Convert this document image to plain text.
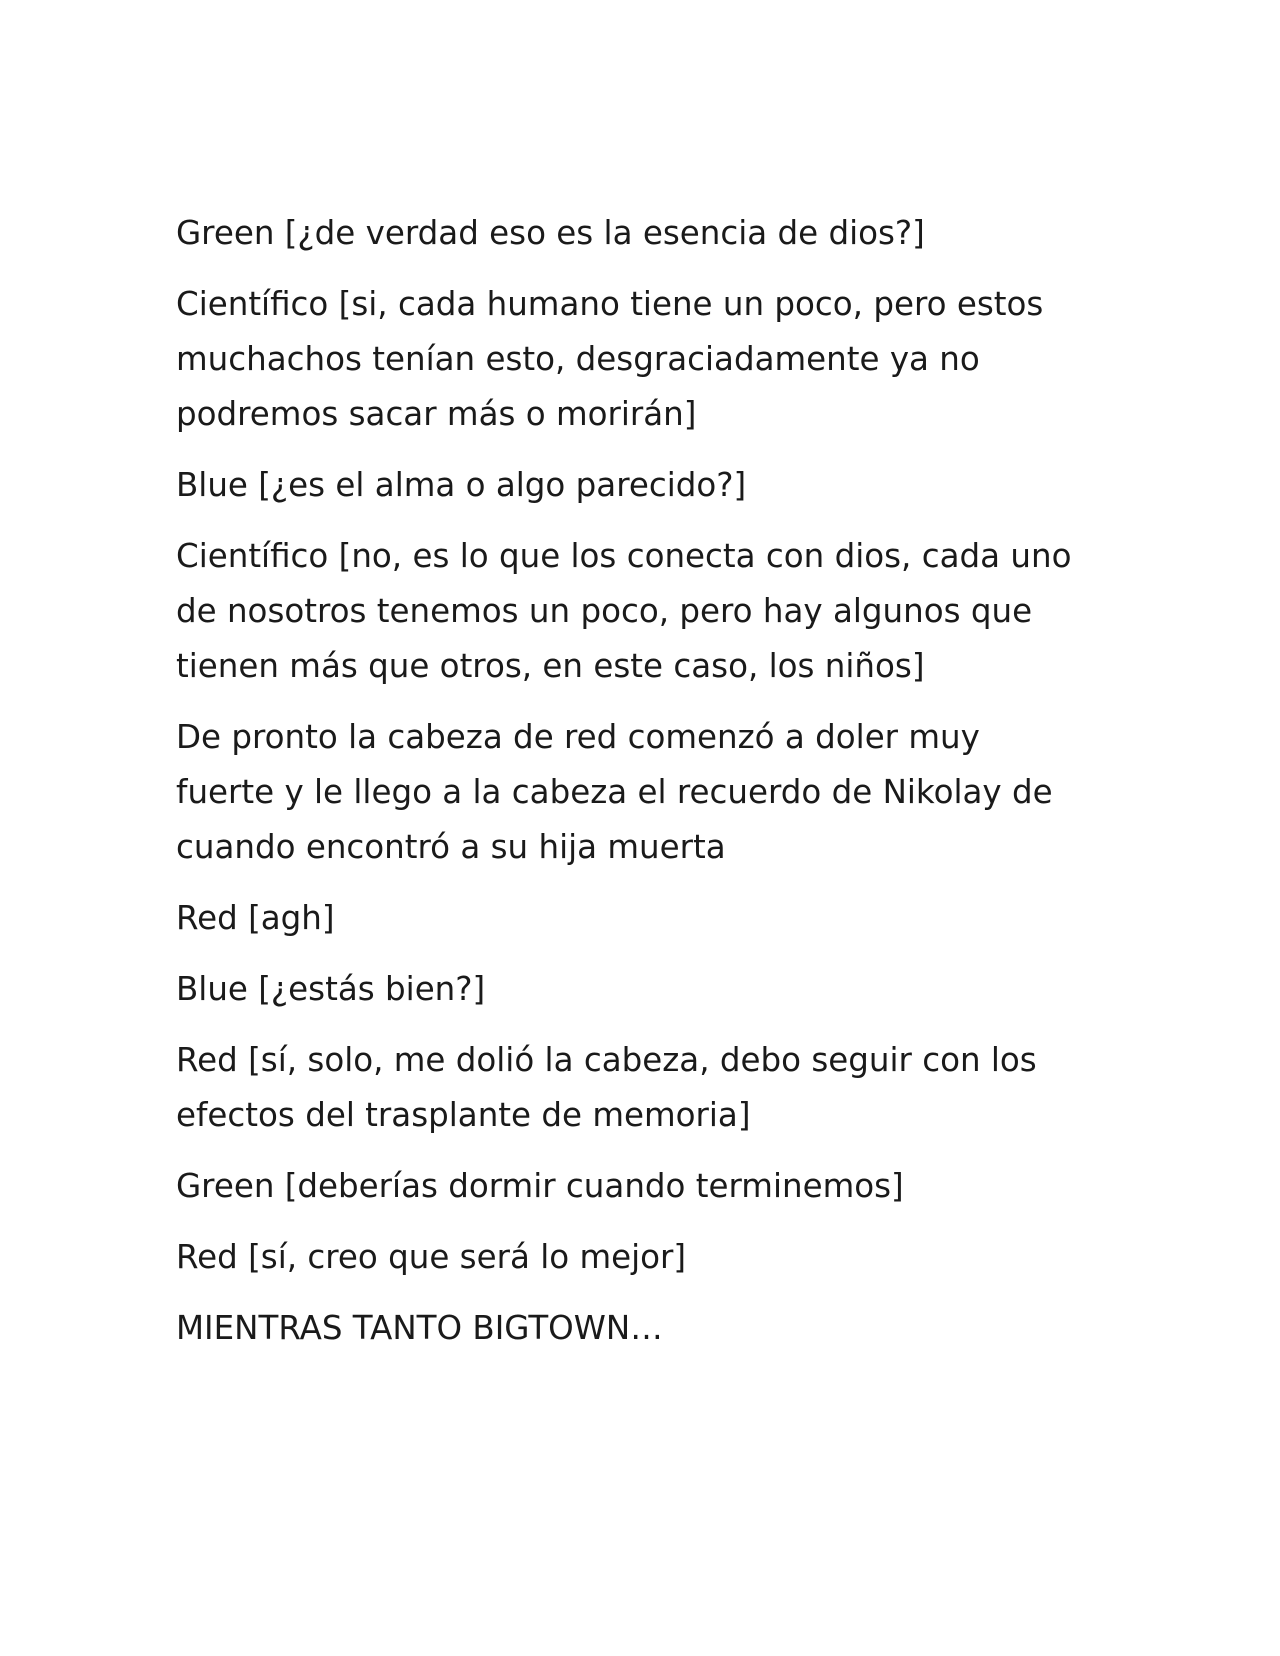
Green [¿de verdad eso es la esencia de dios?]

Científico [si, cada humano tiene un poco, pero estos muchachos tenían esto, desgraciadamente ya no podremos sacar más o morirán]

Blue [¿es el alma o algo parecido?]

Científico [no, es lo que los conecta con dios, cada uno de nosotros tenemos un poco, pero hay algunos que tienen más que otros, en este caso, los niños]

De pronto la cabeza de red comenzó a doler muy fuerte y le llego a la cabeza el recuerdo de Nikolay de cuando encontró a su hija muerta

Red [agh]

Blue [¿estás bien?]

Red [sí, solo, me dolió la cabeza, debo seguir con los efectos del trasplante de memoria]

Green [deberías dormir cuando terminemos]

Red [sí, creo que será lo mejor]

MIENTRAS TANTO BIGTOWN…
